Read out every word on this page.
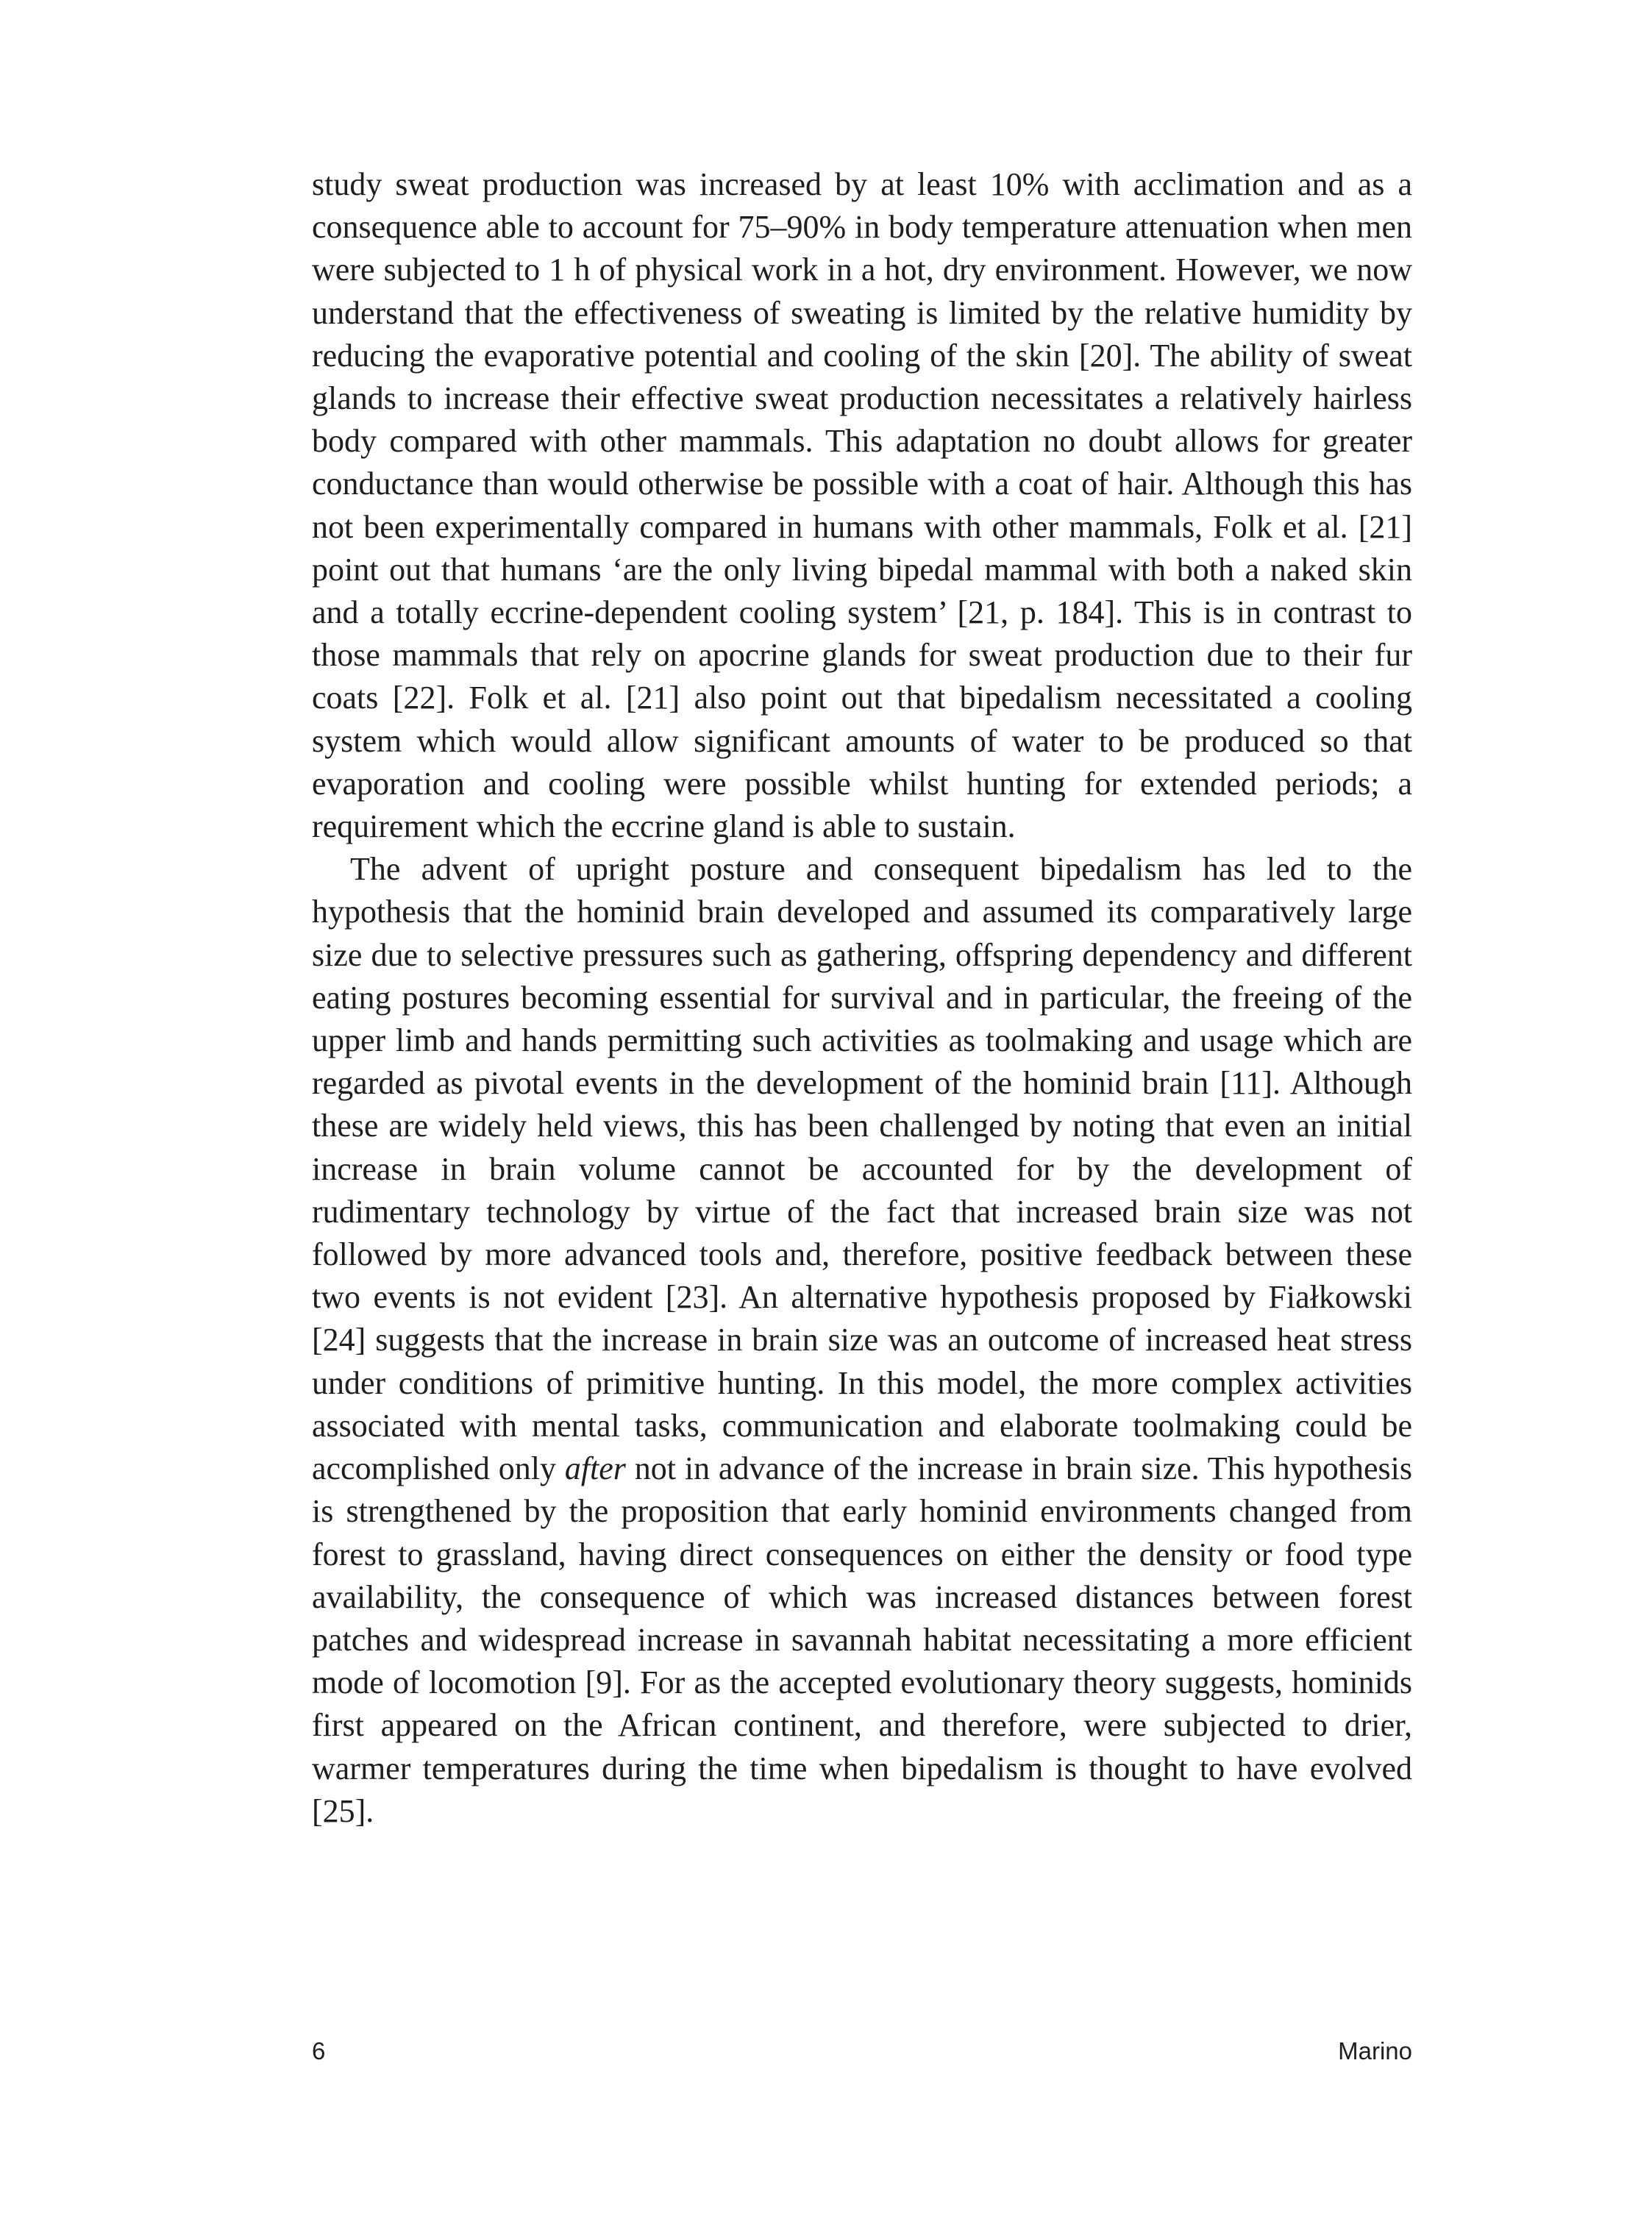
study sweat production was increased by at least 10% with acclimation and as a consequence able to account for 75–90% in body temperature attenuation when men were subjected to 1 h of physical work in a hot, dry environment. However, we now understand that the effectiveness of sweating is limited by the relative humidity by reducing the evaporative potential and cooling of the skin [20]. The ability of sweat glands to increase their effective sweat production necessitates a relatively hairless body compared with other mammals. This adaptation no doubt allows for greater conductance than would otherwise be possible with a coat of hair. Although this has not been experimentally compared in humans with other mammals, Folk et al. [21] point out that humans ‘are the only living bipedal mammal with both a naked skin and a totally eccrine-dependent cooling system’ [21, p. 184]. This is in contrast to those mammals that rely on apocrine glands for sweat production due to their fur coats [22]. Folk et al. [21] also point out that bipedalism necessitated a cooling system which would allow significant amounts of water to be produced so that evaporation and cooling were possible whilst hunting for extended periods; a requirement which the eccrine gland is able to sustain.

The advent of upright posture and consequent bipedalism has led to the hypothesis that the hominid brain developed and assumed its comparatively large size due to selective pressures such as gathering, offspring dependency and different eating postures becoming essential for survival and in particular, the freeing of the upper limb and hands permitting such activities as toolmaking and usage which are regarded as pivotal events in the development of the hominid brain [11]. Although these are widely held views, this has been challenged by noting that even an initial increase in brain volume cannot be accounted for by the development of rudimentary technology by virtue of the fact that increased brain size was not followed by more advanced tools and, therefore, positive feedback between these two events is not evident [23]. An alternative hypothesis proposed by Fiałkowski [24] suggests that the increase in brain size was an outcome of increased heat stress under conditions of primitive hunting. In this model, the more complex activities associated with mental tasks, communication and elaborate toolmaking could be accomplished only after not in advance of the increase in brain size. This hypothesis is strengthened by the proposition that early hominid environments changed from forest to grassland, having direct consequences on either the density or food type availability, the consequence of which was increased distances between forest patches and widespread increase in savannah habitat necessitating a more efficient mode of locomotion [9]. For as the accepted evolutionary theory suggests, hominids first appeared on the African continent, and therefore, were subjected to drier, warmer temperatures during the time when bipedalism is thought to have evolved [25].

6	Marino
